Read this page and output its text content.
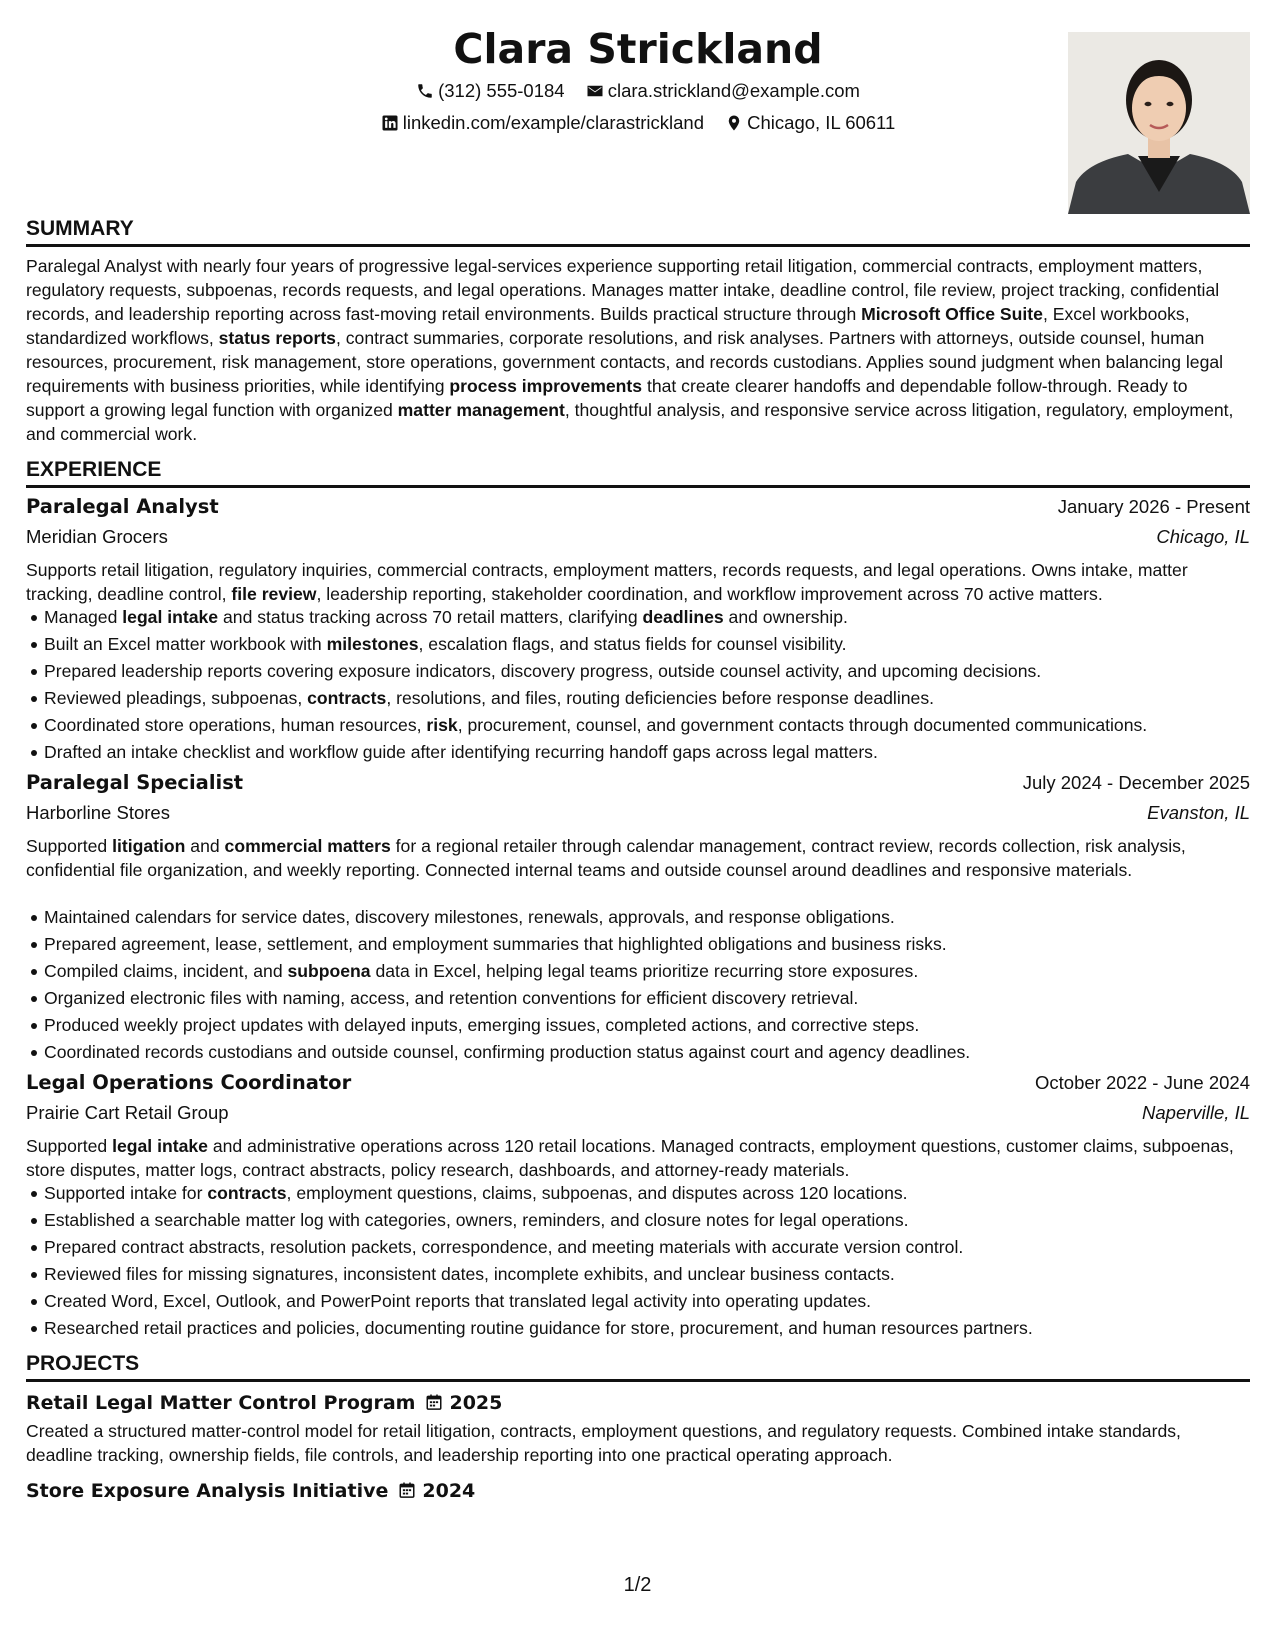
Clara Strickland
(312) 555-0184 clara.strickland@example.com
linkedin.com/example/clarastrickland Chicago, IL 60611
SUMMARY
Paralegal Analyst with nearly four years of progressive legal-services experience supporting retail litigation, commercial contracts, employment matters, regulatory requests, subpoenas, records requests, and legal operations. Manages matter intake, deadline control, file review, project tracking, confidential records, and leadership reporting across fast-moving retail environments. Builds practical structure through Microsoft Office Suite, Excel workbooks, standardized workflows, status reports, contract summaries, corporate resolutions, and risk analyses. Partners with attorneys, outside counsel, human resources, procurement, risk management, store operations, government contacts, and records custodians. Applies sound judgment when balancing legal requirements with business priorities, while identifying process improvements that create clearer handoffs and dependable follow-through. Ready to support a growing legal function with organized matter management, thoughtful analysis, and responsive service across litigation, regulatory, employment, and commercial work.
EXPERIENCE
Paralegal Analyst	January 2026 - Present
Meridian Grocers	Chicago, IL
Supports retail litigation, regulatory inquiries, commercial contracts, employment matters, records requests, and legal operations. Owns intake, matter tracking, deadline control, file review, leadership reporting, stakeholder coordination, and workflow improvement across 70 active matters.
Managed legal intake and status tracking across 70 retail matters, clarifying deadlines and ownership.
Built an Excel matter workbook with milestones, escalation flags, and status fields for counsel visibility.
Prepared leadership reports covering exposure indicators, discovery progress, outside counsel activity, and upcoming decisions.
Reviewed pleadings, subpoenas, contracts, resolutions, and files, routing deficiencies before response deadlines.
Coordinated store operations, human resources, risk, procurement, counsel, and government contacts through documented communications.
Drafted an intake checklist and workflow guide after identifying recurring handoff gaps across legal matters.
Paralegal Specialist	July 2024 - December 2025
Harborline Stores	Evanston, IL
Supported litigation and commercial matters for a regional retailer through calendar management, contract review, records collection, risk analysis, confidential file organization, and weekly reporting. Connected internal teams and outside counsel around deadlines and responsive materials.
Maintained calendars for service dates, discovery milestones, renewals, approvals, and response obligations.
Prepared agreement, lease, settlement, and employment summaries that highlighted obligations and business risks.
Compiled claims, incident, and subpoena data in Excel, helping legal teams prioritize recurring store exposures.
Organized electronic files with naming, access, and retention conventions for efficient discovery retrieval.
Produced weekly project updates with delayed inputs, emerging issues, completed actions, and corrective steps.
Coordinated records custodians and outside counsel, confirming production status against court and agency deadlines.
Legal Operations Coordinator	October 2022 - June 2024
Prairie Cart Retail Group	Naperville, IL
Supported legal intake and administrative operations across 120 retail locations. Managed contracts, employment questions, customer claims, subpoenas, store disputes, matter logs, contract abstracts, policy research, dashboards, and attorney-ready materials.
Supported intake for contracts, employment questions, claims, subpoenas, and disputes across 120 locations.
Established a searchable matter log with categories, owners, reminders, and closure notes for legal operations.
Prepared contract abstracts, resolution packets, correspondence, and meeting materials with accurate version control.
Reviewed files for missing signatures, inconsistent dates, incomplete exhibits, and unclear business contacts.
Created Word, Excel, Outlook, and PowerPoint reports that translated legal activity into operating updates.
Researched retail practices and policies, documenting routine guidance for store, procurement, and human resources partners.
PROJECTS
Retail Legal Matter Control Program 2025
Created a structured matter-control model for retail litigation, contracts, employment questions, and regulatory requests. Combined intake standards, deadline tracking, ownership fields, file controls, and leadership reporting into one practical operating approach.
Store Exposure Analysis Initiative 2024
1/2
